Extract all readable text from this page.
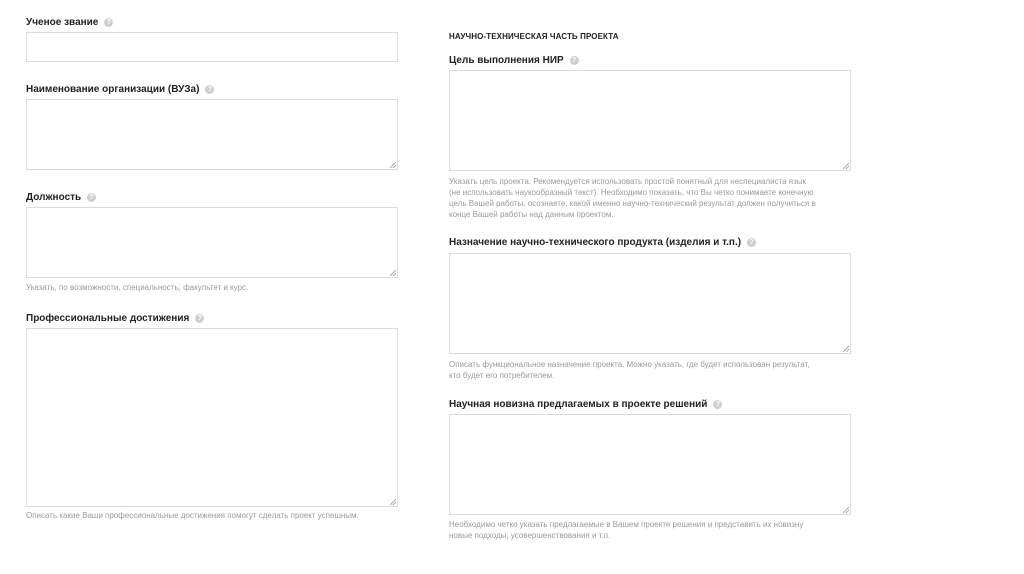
Ученое звание	?
Наименование организации (ВУЗа)	?
Должность	?
Указать, по возможности, специальность, факультет и курс.
Профессиональные достижения	?
Описать какие Ваши профессиональные достижения помогут сделать проект успешным.
НАУЧНО-ТЕХНИЧЕСКАЯ ЧАСТЬ ПРОЕКТА
Цель выполнения НИР	?
Указать цель проекта. Рекомендуется использовать простой понятный для неспециалиста язык
(не использовать наукообразный текст). Необходимо показать, что Вы четко понимаете конечную
цель Вашей работы, осознаете, какой именно научно-технический результат должен получиться в
конце Вашей работы над данным проектом.
Назначение научно-технического продукта (изделия и т.п.)	?
Описать функциональное назначение проекта. Можно указать, где будет использован результат,
кто будет его потребителем.
Научная новизна предлагаемых в проекте решений	?
Необходимо четко указать предлагаемые в Вашем проекте решения и представить их новизну
новые подходы, усовершенствования и т.п.
